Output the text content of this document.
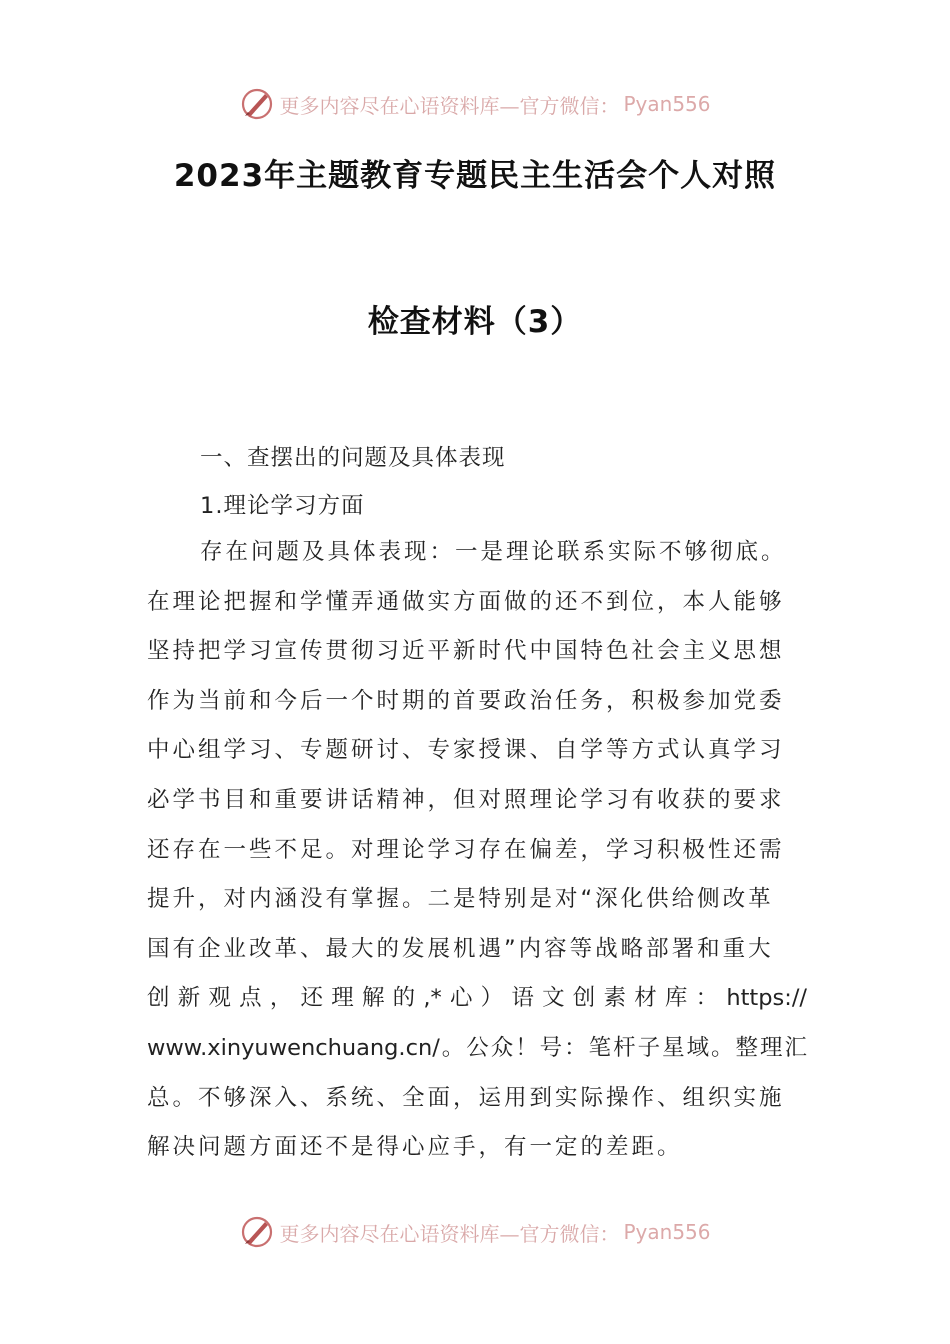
更多内容尽在心语资料库—官方微信： Pyan556
2023年主题教育专题民主生活会个人对照
检查材料（3）
一、查摆出的问题及具体表现
1.理论学习方面
存在问题及具体表现：一是理论联系实际不够彻底。
在理论把握和学懂弄通做实方面做的还不到位，本人能够
坚持把学习宣传贯彻习近平新时代中国特色社会主义思想
作为当前和今后一个时期的首要政治任务，积极参加党委
中心组学习、专题研讨、专家授课、自学等方式认真学习
必学书目和重要讲话精神，但对照理论学习有收获的要求
还存在一些不足。对理论学习存在偏差，学习积极性还需
提升，对内涵没有掌握。二是特别是对“深化供给侧改革
国有企业改革、最大的发展机遇”内容等战略部署和重大
创新观点，还理解的,*心）语文创素材库：https://
www.xinyuwenchuang.cn/。公众！号：笔杆子星域。整理汇
总。不够深入、系统、全面，运用到实际操作、组织实施
解决问题方面还不是得心应手，有一定的差距。
更多内容尽在心语资料库—官方微信： Pyan556
